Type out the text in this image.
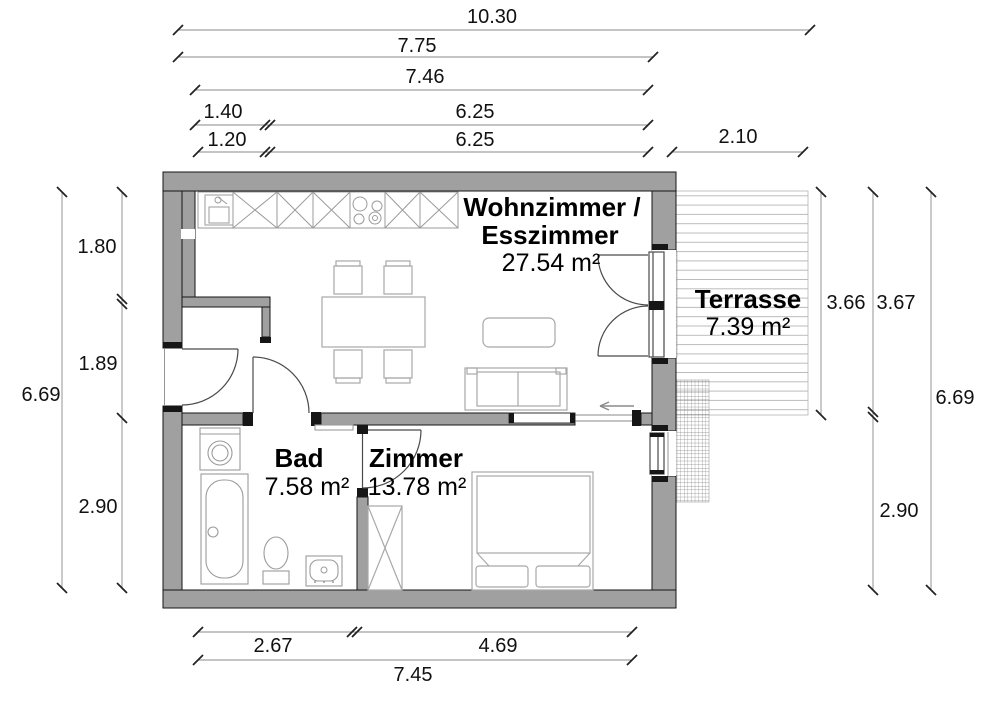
Wohnzimmer /
Esszimmer
27.54 m²
Terrasse
7.39 m²
Bad
7.58 m²
Zimmer
13.78 m²
10.30
7.75
7.46
1.40	6.25
1.20	6.25	2.10
1.80
1.89
2.90
6.69
3.66 3.67
2.90
6.69
2.67	4.69
7.45
